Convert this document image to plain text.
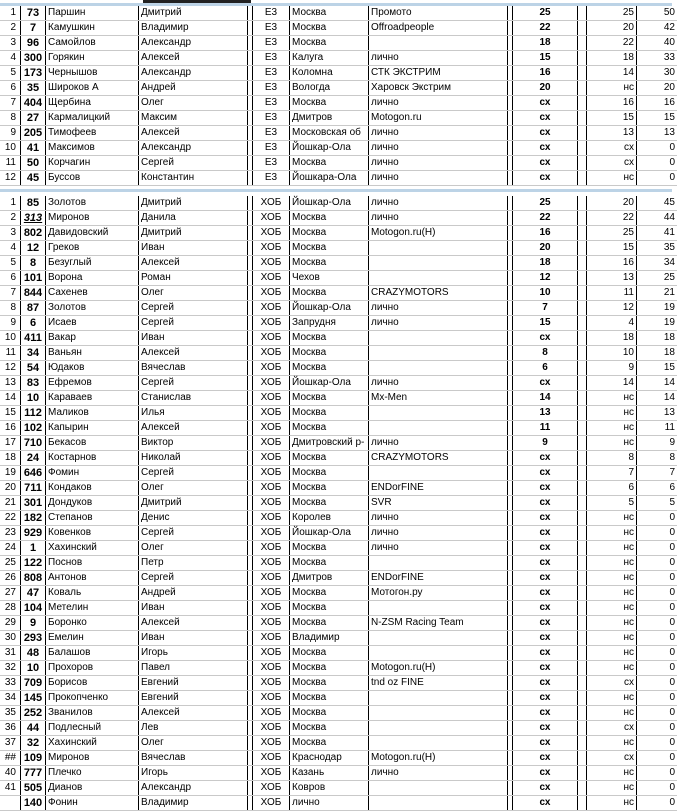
1	73	Паршин	Дмитрий		Е3	Москва	Промото		25		25	50
2	7	Камушкин	Владимир		Е3	Москва	Offroadpeople		22		20	42
3	96	Самойлов	Александр		Е3	Москва			18		22	40
4	300	Горякин	Алексей		Е3	Калуга	лично		15		18	33
5	173	Чернышов	Александр		Е3	Коломна	СТК ЭКСТРИМ		16		14	30
6	35	Широков А	Андрей		Е3	Вологда	Харовск Экстрим		20		нс	20
7	404	Щербина	Олег		Е3	Москва	лично		сх		16	16
8	27	Кармалицкий	Максим		Е3	Дмитров	Motogon.ru		сх		15	15
9	205	Тимофеев	Алексей		Е3	Московская об	лично		сх		13	13
10	41	Максимов	Александр		Е3	Йошкар-Ола	лично		сх		сх	0
11	50	Корчагин	Сергей		Е3	Москва	лично		сх		сх	0
12	45	Буссов	Константин		Е3	Йошкара-Ола	лично		сх		нс	0
1	85	Золотов	Дмитрий		ХОБ	Йошкар-Ола	лично		25		20	45
2	313	Миронов	Данила		ХОБ	Москва	лично		22		22	44
3	802	Давидовский	Дмитрий		ХОБ	Москва	Motogon.ru(Н)		16		25	41
4	12	Греков	Иван		ХОБ	Москва			20		15	35
5	8	Безуглый	Алексей		ХОБ	Москва			18		16	34
6	101	Ворона	Роман		ХОБ	Чехов			12		13	25
7	844	Сахенев	Олег		ХОБ	Москва	CRAZYMOTORS		10		11	21
8	87	Золотов	Сергей		ХОБ	Йошкар-Ола	лично		7		12	19
9	6	Исаев	Сергей		ХОБ	Запрудня	лично		15		4	19
10	411	Вакар	Иван		ХОБ	Москва			сх		18	18
11	34	Ваньян	Алексей		ХОБ	Москва			8		10	18
12	54	Юдаков	Вячеслав		ХОБ	Москва			6		9	15
13	83	Ефремов	Сергей		ХОБ	Йошкар-Ола	лично		сх		14	14
14	10	Караваев	Станислав		ХОБ	Москва	Mx-Men		14		нс	14
15	112	Маликов	Илья		ХОБ	Москва			13		нс	13
16	102	Капырин	Алексей		ХОБ	Москва			11		нс	11
17	710	Бекасов	Виктор		ХОБ	Дмитровский р-	лично		9		нс	9
18	24	Костарнов	Николай		ХОБ	Москва	CRAZYMOTORS		сх		8	8
19	646	Фомин	Сергей		ХОБ	Москва			сх		7	7
20	711	Кондаков	Олег		ХОБ	Москва	ENDorFINE		сх		6	6
21	301	Дондуков	Дмитрий		ХОБ	Москва	SVR		сх		5	5
22	182	Степанов	Денис		ХОБ	Королев	лично		сх		нс	0
23	929	Ковенков	Сергей		ХОБ	Йошкар-Ола	лично		сх		нс	0
24	1	Хахинский	Олег		ХОБ	Москва	лично		сх		нс	0
25	122	Поснов	Петр		ХОБ	Москва			сх		нс	0
26	808	Антонов	Сергей		ХОБ	Дмитров	ENDorFINE		сх		нс	0
27	47	Коваль	Андрей		ХОБ	Москва	Мотогон.ру		сх		нс	0
28	104	Метелин	Иван		ХОБ	Москва			сх		нс	0
29	9	Боронко	Алексей		ХОБ	Москва	N-ZSM Racing Team		сх		нс	0
30	293	Емелин	Иван		ХОБ	Владимир			сх		нс	0
31	48	Балашов	Игорь		ХОБ	Москва			сх		нс	0
32	10	Прохоров	Павел		ХОБ	Москва	Motogon.ru(Н)		сх		нс	0
33	709	Борисов	Евгений		ХОБ	Москва	tnd oz FINE		сх		сх	0
34	145	Прокопченко	Евгений		ХОБ	Москва			сх		нс	0
35	252	Званилов	Алексей		ХОБ	Москва			сх		нс	0
36	44	Подлесный	Лев		ХОБ	Москва			сх		сх	0
37	32	Хахинский	Олег		ХОБ	Москва			сх		нс	0
##	109	Миронов	Вячеслав		ХОБ	Краснодар	Motogon.ru(Н)		сх		сх	0
40	777	Плечко	Игорь		ХОБ	Казань	лично		сх		нс	0
41	505	Дианов	Александр		ХОБ	Ковров			сх		нс	0
	140	Фонин	Владимир		ХОБ	лично			сх		нс	0
